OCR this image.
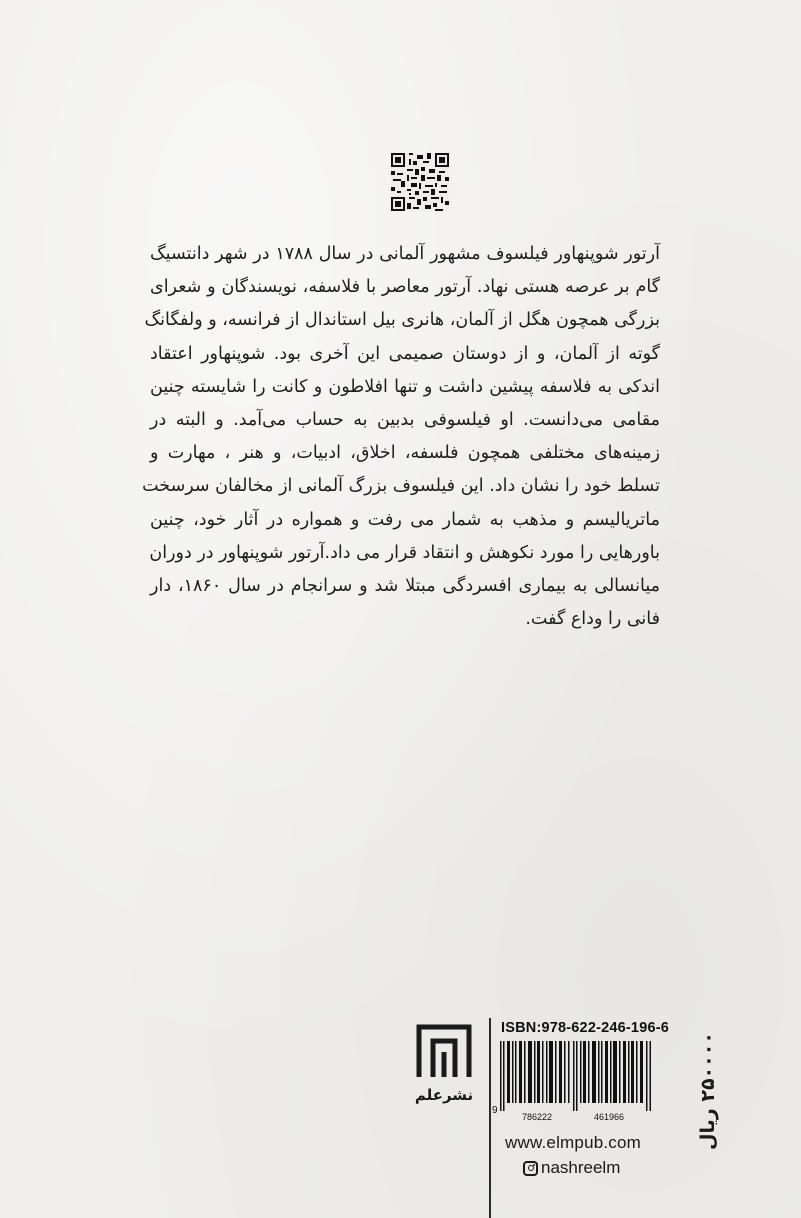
آرتور شوپنهاور فیلسوف مشهور آلمانی در سال ۱۷۸۸ در شهر دانتسیگ
گام بر عرصه هستی نهاد. آرتور معاصر با فلاسفه، نویسندگان و شعرای
بزرگی همچون هگل از آلمان، هانری بیل استاندال از فرانسه، و ولفگانگ
گوته از آلمان، و از دوستان صمیمی این آخری بود. شوپنهاور اعتقاد
اندکی به فلاسفه پیشین داشت و تنها افلاطون و کانت را شایسته چنین
مقامی می‌دانست. او فیلسوفی بدبین به حساب می‌آمد. و البته در
زمینه‌های مختلفی همچون فلسفه، اخلاق، ادبیات، و هنر ، مهارت و
تسلط خود را نشان داد. این فیلسوف بزرگ آلمانی از مخالفان سرسخت
ماتریالیسم و مذهب به شمار می رفت و همواره در آثار خود، چنین
باورهایی را مورد نکوهش و انتقاد قرار می داد.آرتور شوپنهاور در دوران
میانسالی به بیماری افسردگی مبتلا شد و سرانجام در سال ۱۸۶۰، دار
فانی را وداع گفت.
نشرعلم
ISBN:978-622-246-196-6
9
786222	461966
www.elmpub.com
nashreelm
۲۵۰۰۰۰ ریال
